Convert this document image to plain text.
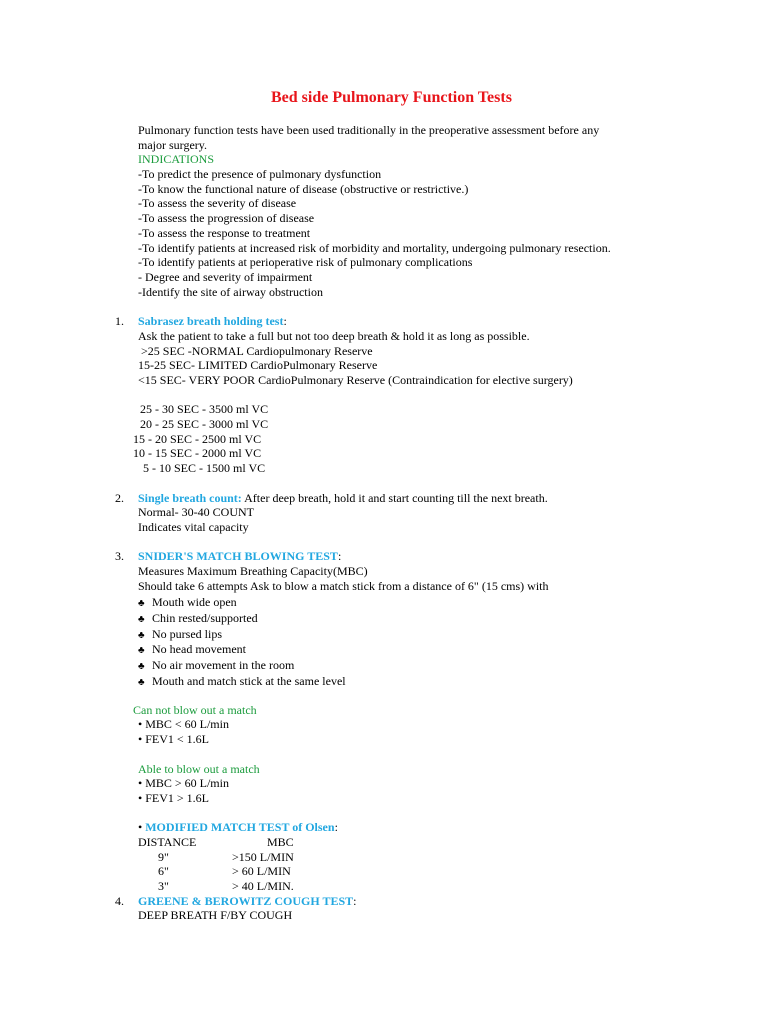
Bed side Pulmonary Function Tests
Pulmonary function tests have been used traditionally in the preoperative assessment before any
major surgery.
INDICATIONS
-To predict the presence of pulmonary dysfunction
-To know the functional nature of disease (obstructive or restrictive.)
-To assess the severity of disease
-To assess the progression of disease
-To assess the response to treatment
-To identify patients at increased risk of morbidity and mortality, undergoing pulmonary resection.
-To identify patients at perioperative risk of pulmonary complications
- Degree and severity of impairment
-Identify the site of airway obstruction
1. Sabrasez breath holding test:
Ask the patient to take a full but not too deep breath & hold it as long as possible.
>25 SEC -NORMAL Cardiopulmonary Reserve
15-25 SEC- LIMITED CardioPulmonary Reserve
<15 SEC- VERY POOR CardioPulmonary Reserve (Contraindication for elective surgery)
25 - 30 SEC - 3500 ml VC
20 - 25 SEC - 3000 ml VC
15 - 20 SEC - 2500 ml VC
10 - 15 SEC - 2000 ml VC
5 - 10 SEC - 1500 ml VC
2. Single breath count: After deep breath, hold it and start counting till the next breath.
Normal- 30-40 COUNT
Indicates vital capacity
3. SNIDER'S MATCH BLOWING TEST:
Measures Maximum Breathing Capacity(MBC)
Should take 6 attempts Ask to blow a match stick from a distance of 6" (15 cms) with
♣ Mouth wide open
♣ Chin rested/supported
♣ No pursed lips
♣ No head movement
♣ No air movement in the room
♣ Mouth and match stick at the same level
Can not blow out a match
• MBC < 60 L/min
• FEV1 < 1.6L
Able to blow out a match
• MBC > 60 L/min
• FEV1 > 1.6L
• MODIFIED MATCH TEST of Olsen:
DISTANCE	MBC
9"	>150 L/MIN
6"	> 60 L/MIN
3"	> 40 L/MIN.
4. GREENE & BEROWITZ COUGH TEST:
DEEP BREATH F/BY COUGH
